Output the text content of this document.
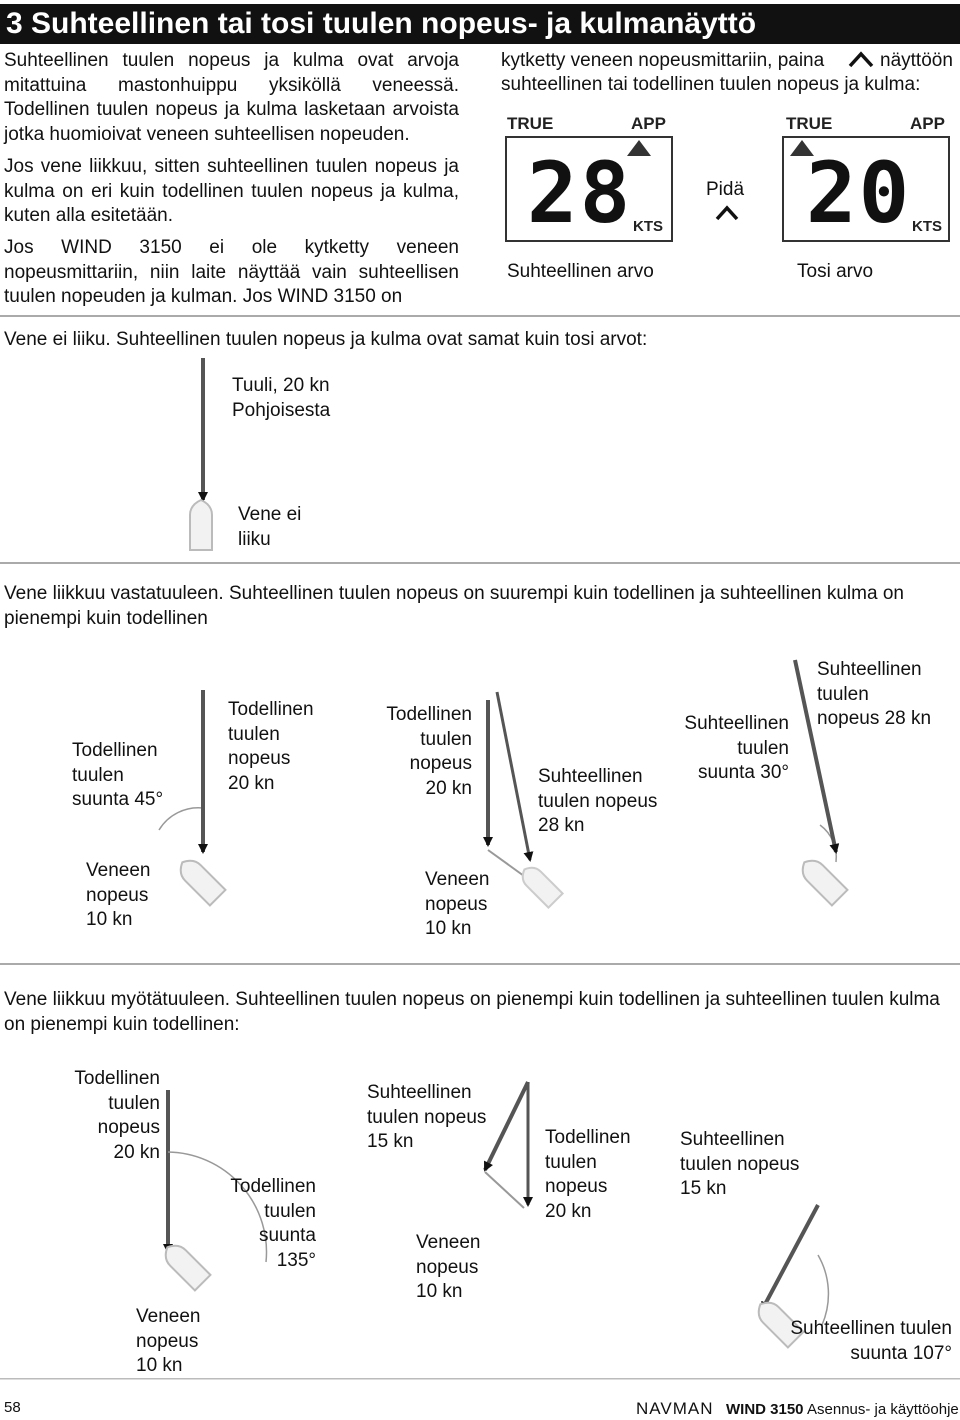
3 Suhteellinen tai tosi tuulen nopeus- ja kulmanäyttö
Suhteellinen tuulen nopeus ja kulma ovat arvoja mitattuina mastonhuippu yksiköllä veneessä. Todellinen tuulen nopeus ja kulma lasketaan arvoista jotka huomioivat veneen suhteellisen nopeuden.
Jos vene liikkuu, sitten suhteellinen tuulen nopeus ja kulma on eri kuin todellinen tuulen nopeus ja kulma, kuten alla esitetään.
Jos WIND 3150 ei ole kytketty veneen nopeusmittariin, niin laite näyttää vain suhteellisen tuulen nopeuden ja kulman. Jos WIND 3150 on
kytketty veneen nopeusmittariin, paina	näyttöön
suhteellinen tai todellinen tuulen nopeus ja kulma:
TRUE	APP
28 KTS
Pidä
TRUE	APP
20 KTS
Suhteellinen arvo	Tosi arvo
Vene ei liiku. Suhteellinen tuulen nopeus ja kulma ovat samat kuin tosi arvot:
Tuuli, 20 kn
Pohjoisesta
Vene ei
liiku
Vene liikkuu vastatuuleen. Suhteellinen tuulen nopeus on suurempi kuin todellinen ja suhteellinen kulma on pienempi kuin todellinen
Todellinen
tuulen
suunta 45°
Todellinen
tuulen
nopeus
20 kn
Veneen
nopeus
10 kn
Todellinen
tuulen
nopeus
20 kn
Suhteellinen
tuulen nopeus
28 kn
Veneen
nopeus
10 kn
Suhteellinen
tuulen
suunta 30°
Suhteellinen
tuulen
nopeus 28 kn
Vene liikkuu myötätuuleen. Suhteellinen tuulen nopeus on pienempi kuin todellinen ja suhteellinen tuulen kulma on pienempi kuin todellinen:
Todellinen
tuulen
nopeus
20 kn
Todellinen
tuulen
suunta
135°
Veneen
nopeus
10 kn
Suhteellinen
tuulen nopeus
15 kn
Veneen
nopeus
10 kn
Todellinen
tuulen
nopeus
20 kn
Suhteellinen
tuulen nopeus
15 kn
Suhteellinen tuulen
suunta 107°
58	NAVMAN WIND 3150 Asennus- ja käyttöohje
